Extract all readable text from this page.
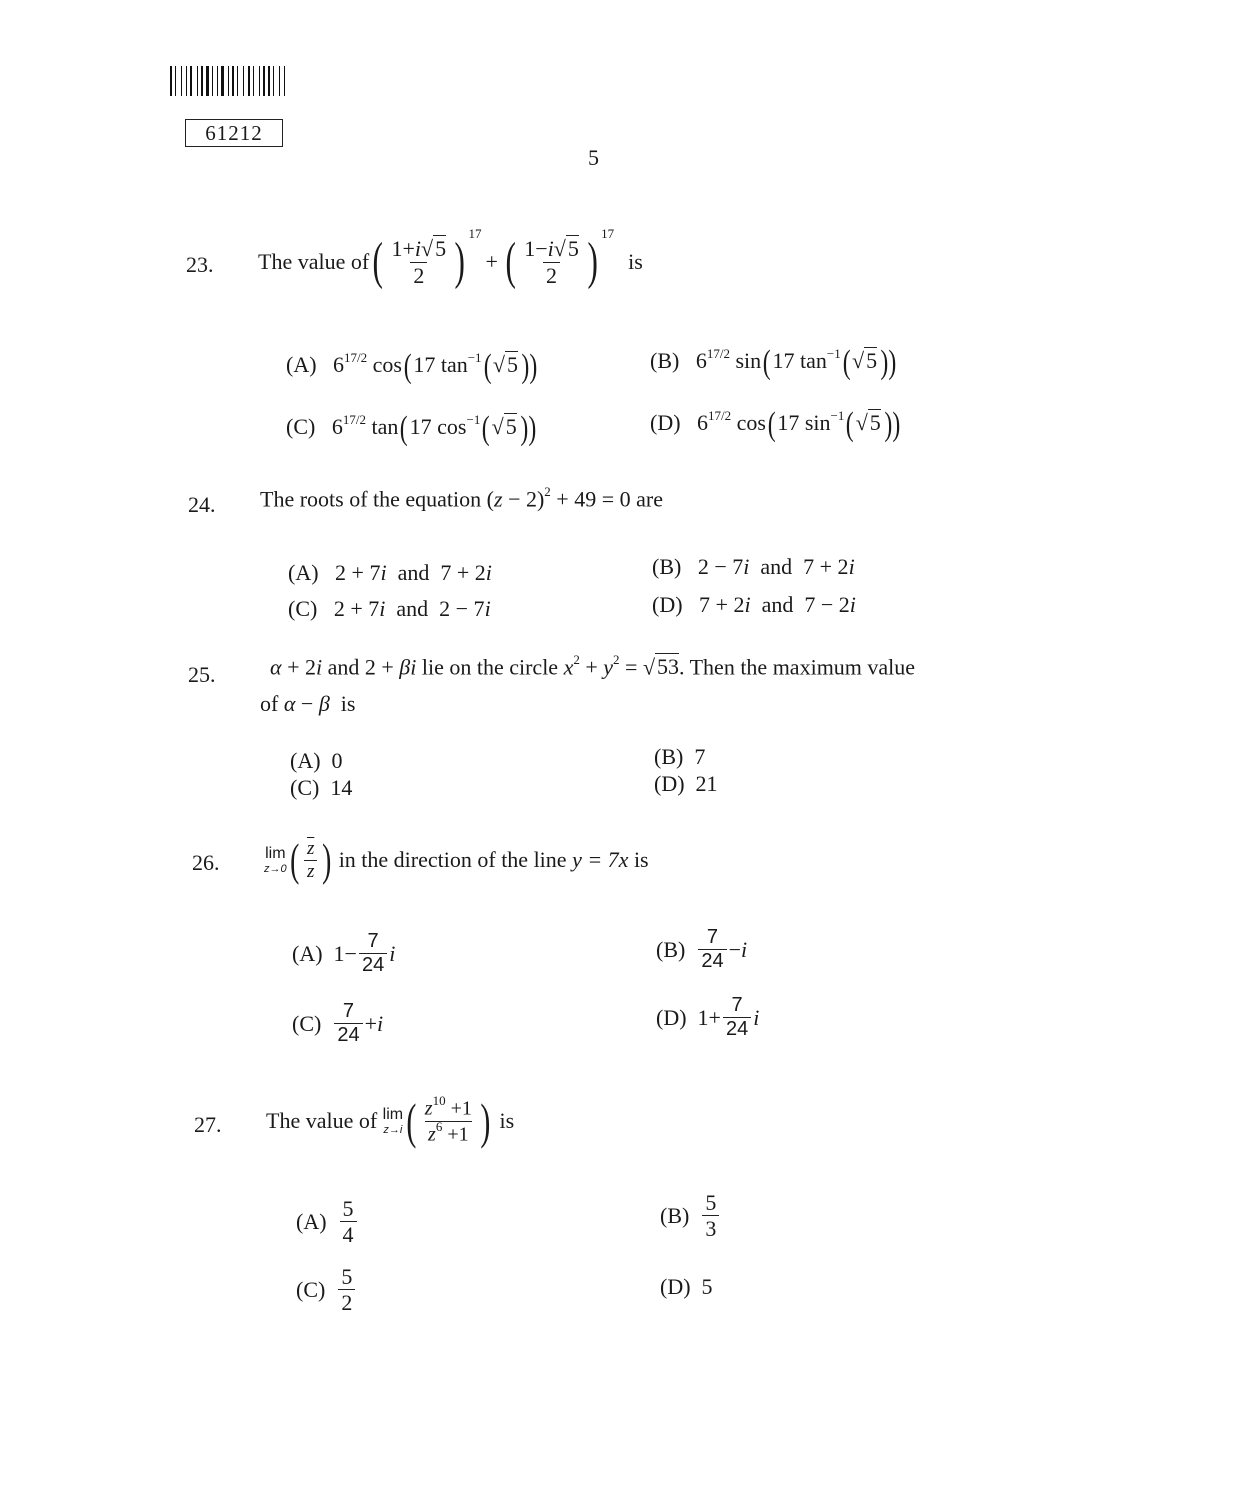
61212
5
23. The value of ( $\frac{1+i√5}{2}$ ) $^{17}$
+ ( $\frac{1-i√5}{2}$ ) $^{17}$
is
(A) $6^{17/2}$ cos(17 $\tan^{-1}(√5)$)	(B) $6^{17/2}$ sin(17 $\tan^{-1}(√5)$)
(C) $6^{17/2}$ tan(17 $\cos^{-1}(√5)$)	(D) $6^{17/2}$ cos(17 $\sin^{-1}(√5)$)
24. The roots of the equation $(z - 2)^2 + 49 = 0$ are
(A) 2 + 7i and 7 + 2i	(B) 2 − 7i and 7 + 2i
(C) 2 + 7i and 2 − 7i	(D) 7 + 2i and 7 − 2i
25. α + 2i and 2 + βi lie on the circle $x^2 + y^2 = √53$. Then the maximum value
of α − β is
(A) 0	(B) 7
(C) 14	(D) 21
26.	lim
z→0 ( $\frac{\overline{z}}{z}$ ) in the direction of the line
y = 7x
is
(A)
$1- \frac{7}{24}$ i	(B)
$\frac{7}{24} -i$
(C)
$\frac{7}{24} +i$	(D)
$1+ \frac{7}{24}$ i
27. The value of
lim
z→i ( $\frac{z^{10} +1}{z^6 +1}$ ) is
(A)
$\frac{5}{4}$	(B)
$\frac{5}{3}$
(C)
$\frac{5}{2}$	(D) 5
